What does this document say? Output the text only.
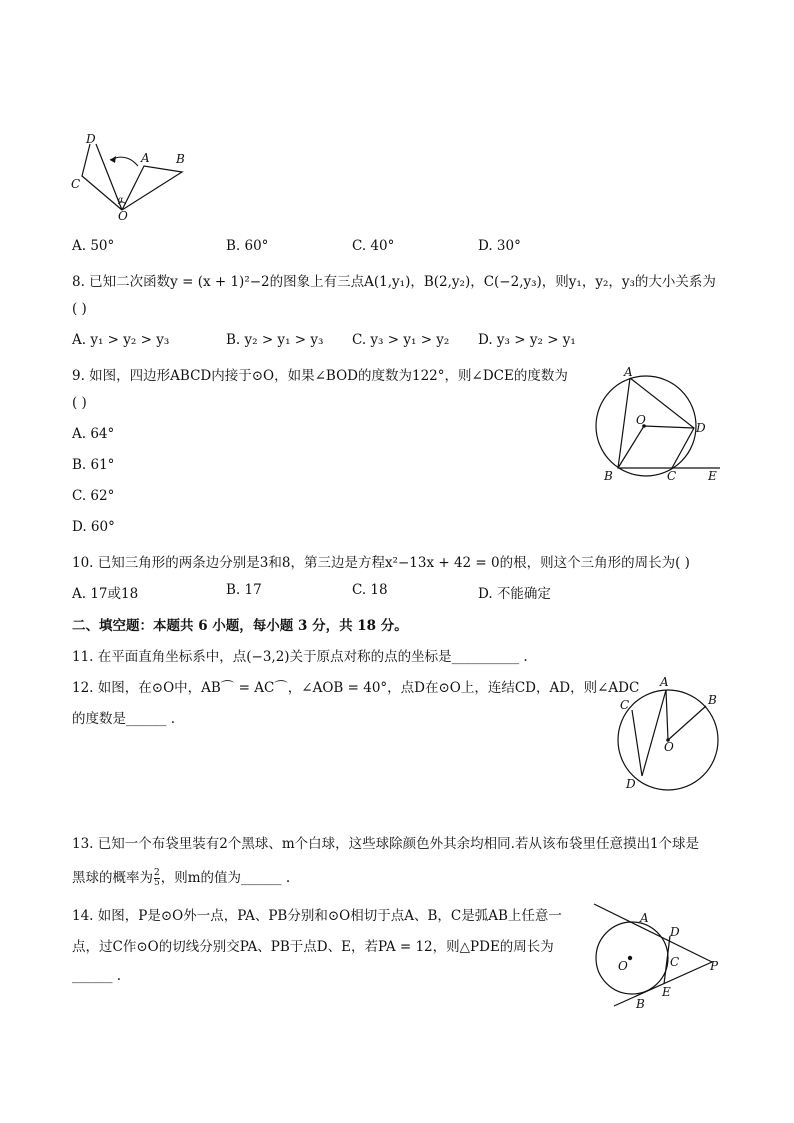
D
C
A B
O
α
A. 50°	B. 60°	C. 40°	D. 30°
8. 已知二次函数y = (x + 1)²−2的图象上有三点A(1,y₁)，B(2,y₂)，C(−2,y₃)，则y₁，y₂，y₃的大小关系为
( )
A. y₁ > y₂ > y₃	B. y₂ > y₁ > y₃ C. y₃ > y₁ > y₂ D. y₃ > y₂ > y₁
9. 如图，四边形ABCD内接于⊙O，如果∠BOD的度数为122°，则∠DCE的度数为
( )
A. 64°
B. 61°
C. 62°
D. 60°
A
O
D
B	C	E
10. 已知三角形的两条边分别是3和8，第三边是方程x²−13x + 42 = 0的根，则这个三角形的周长为( )
A. 17或18	B. 17	C. 18	D. 不能确定
二、填空题：本题共 6 小题，每小题 3 分，共 18 分。
11. 在平面直角坐标系中，点(−3,2)关于原点对称的点的坐标是__________ .
12. 如图，在⊙O中，AB⌒ = AC⌒，∠AOB = 40°，点D在⊙O上，连结CD，AD，则∠ADC
的度数是______ .
A
B
C
O
D
13. 已知一个布袋里装有2个黑球、m个白球，这些球除颜色外其余均相同.若从该布袋里任意摸出1个球是
黑球的概率为 $\frac{2}{5}$ ，则m的值为______ .
14. 如图，P是⊙O外一点，PA、PB分别和⊙O相切于点A、B，C是弧AB上任意一
点，过C作⊙O的切线分别交PA、PB于点D、E，若PA = 12，则△PDE的周长为
______ .
A
D
O	C	P
E
B
